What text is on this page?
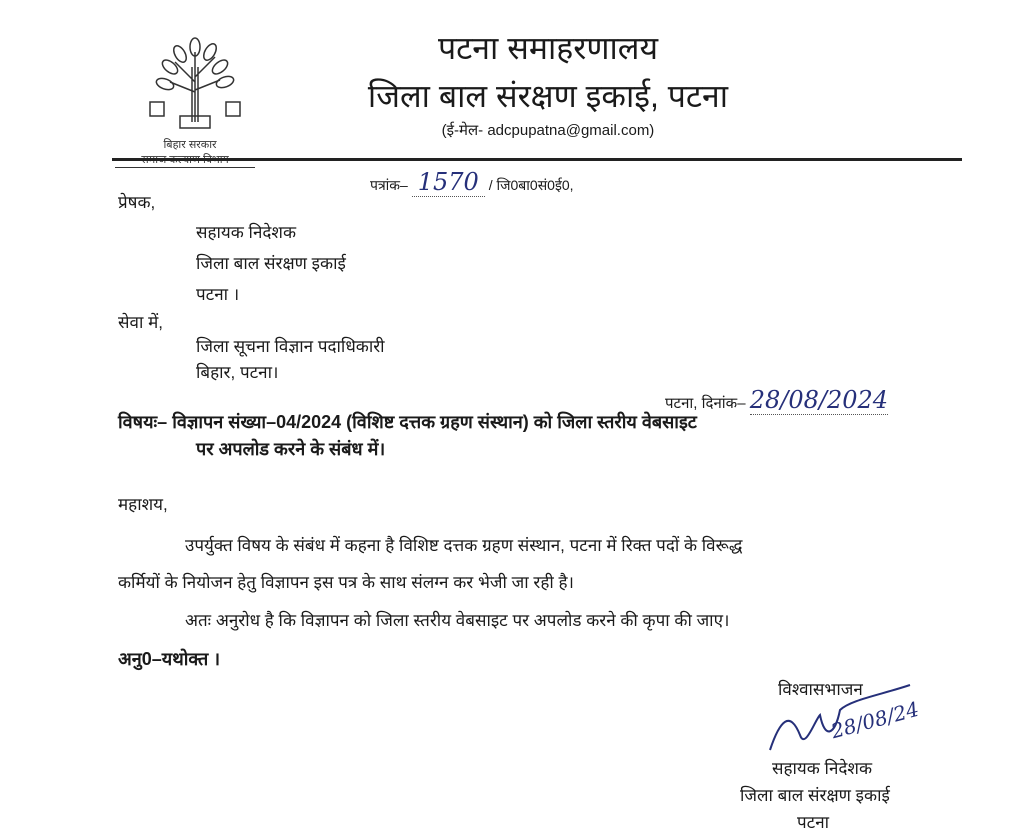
बिहार सरकार
पटना समाहरणालय
जिला बाल संरक्षण इकाई, पटना
(ई-मेल- adcpupatna@gmail.com)
पत्रांक– 1570 / जि0बा0सं0ई0,
प्रेषक,
सहायक निदेशक
जिला बाल संरक्षण इकाई
पटना ।
सेवा में,
जिला सूचना विज्ञान पदाधिकारी
बिहार, पटना।
पटना, दिनांक– 28/08/2024
विषयः– विज्ञापन संख्या–04/2024 (विशिष्ट दत्तक ग्रहण संस्थान) को जिला स्तरीय वेबसाइट
पर अपलोड करने के संबंध में।
महाशय,
उपर्युक्त विषय के संबंध में कहना है विशिष्ट दत्तक ग्रहण संस्थान, पटना में रिक्त पदों के विरूद्ध
कर्मियों के नियोजन हेतु विज्ञापन इस पत्र के साथ संलग्न कर भेजी जा रही है।
अतः अनुरोध है कि विज्ञापन को जिला स्तरीय वेबसाइट पर अपलोड करने की कृपा की जाए।
अनु0–यथोक्त ।
विश्वासभाजन
28/08/24
सहायक निदेशक
जिला बाल संरक्षण इकाई
पटना
